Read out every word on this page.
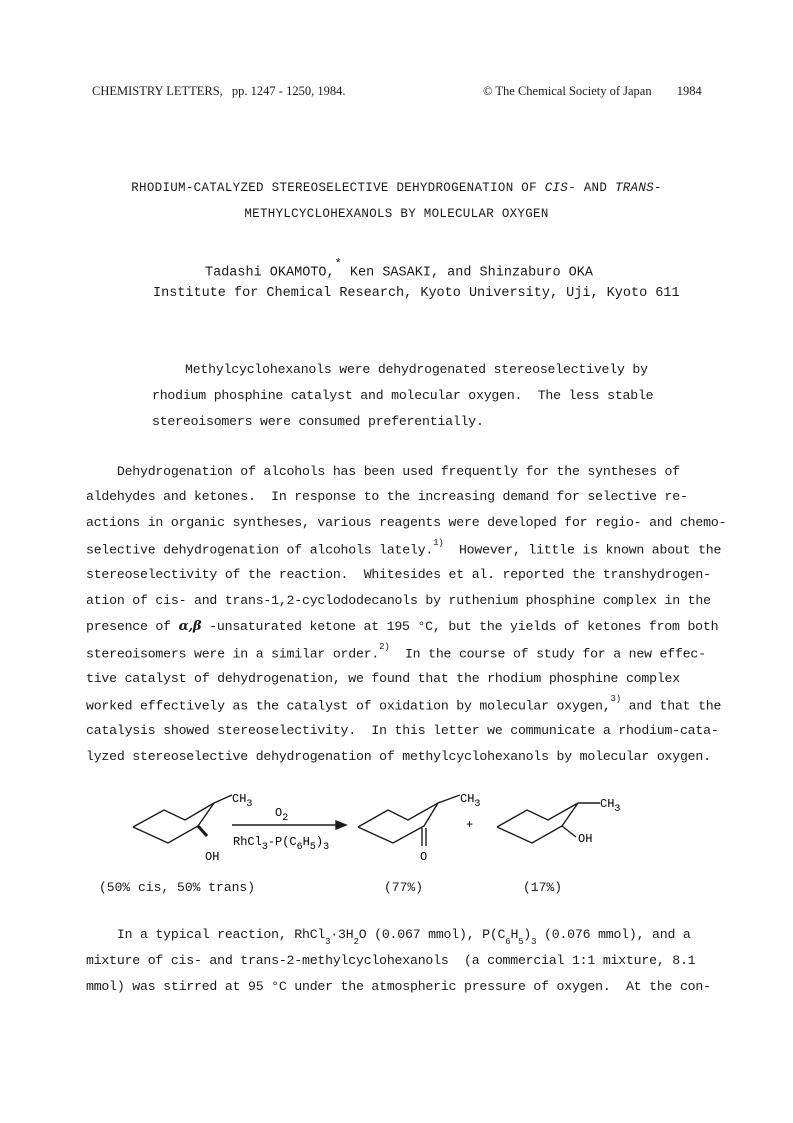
CHEMISTRY LETTERS, pp. 1247 - 1250, 1984.	© The Chemical Society of Japan 1984
RHODIUM-CATALYZED STEREOSELECTIVE DEHYDROGENATION OF CIS- AND TRANS-
METHYLCYCLOHEXANOLS BY MOLECULAR OXYGEN
Tadashi OKAMOTO,* Ken SASAKI, and Shinzaburo OKA
Institute for Chemical Research, Kyoto University, Uji, Kyoto 611

Methylcyclohexanols were dehydrogenated stereoselectively by

rhodium phosphine catalyst and molecular oxygen.  The less stable

stereoisomers were consumed preferentially.

Dehydrogenation of alcohols has been used frequently for the syntheses of

aldehydes and ketones.  In response to the increasing demand for selective re-

actions in organic syntheses, various reagents were developed for regio- and chemo-

selective dehydrogenation of alcohols lately.$^{1)}$  However, little is known about the

stereoselectivity of the reaction.  Whitesides et al. reported the transhydrogen-

ation of cis- and trans-1,2-cyclododecanols by ruthenium phosphine complex in the

presence of α,β -unsaturated ketone at 195 °C, but the yields of ketones from both

stereoisomers were in a similar order.$^{2)}$  In the course of study for a new effec-

tive catalyst of dehydrogenation, we found that the rhodium phosphine complex

worked effectively as the catalyst of oxidation by molecular oxygen,$^{3)}$ and that the

catalysis showed stereoselectivity.  In this letter we communicate a rhodium-cata-

lyzed stereoselective dehydrogenation of methylcyclohexanols by molecular oxygen.

$CH_3$
OH
$O_2$
$RhCl_3-P(C_6H_5)_3$
$CH_3$
O
+
$CH_3$
OH
(50% cis, 50% trans)	(77%)	(17%)

In a typical reaction, $RhCl_3\cdot 3H_2O$ (0.067 mmol), $P(C_6H_5)_3$ (0.076 mmol), and a

mixture of cis- and trans-2-methylcyclohexanols  (a commercial 1:1 mixture, 8.1

mmol) was stirred at 95 °C under the atmospheric pressure of oxygen.  At the con-
